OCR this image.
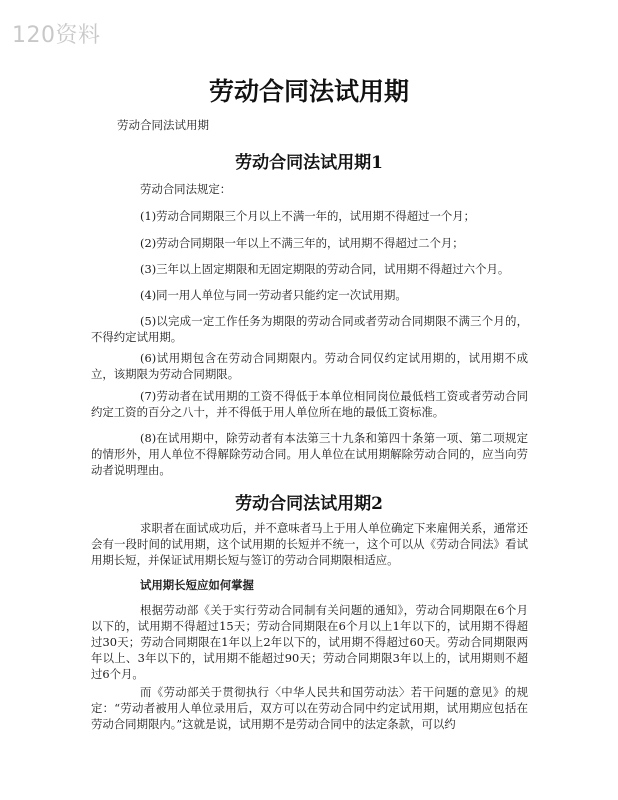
120资料
劳动合同法试用期
劳动合同法试用期
劳动合同法试用期1

劳动合同法规定：

(1)劳动合同期限三个月以上不满一年的，试用期不得超过一个月；

(2)劳动合同期限一年以上不满三年的，试用期不得超过二个月；

(3)三年以上固定期限和无固定期限的劳动合同，试用期不得超过六个月。

(4)同一用人单位与同一劳动者只能约定一次试用期。

(5)以完成一定工作任务为期限的劳动合同或者劳动合同期限不满三个月的，不得约定试用期。

(6)试用期包含在劳动合同期限内。劳动合同仅约定试用期的，试用期不成立，该期限为劳动合同期限。

(7)劳动者在试用期的工资不得低于本单位相同岗位最低档工资或者劳动合同约定工资的百分之八十，并不得低于用人单位所在地的最低工资标准。

(8)在试用期中，除劳动者有本法第三十九条和第四十条第一项、第二项规定的情形外，用人单位不得解除劳动合同。用人单位在试用期解除劳动合同的，应当向劳动者说明理由。

劳动合同法试用期2

求职者在面试成功后，并不意味者马上于用人单位确定下来雇佣关系，通常还会有一段时间的试用期，这个试用期的长短并不统一，这个可以从《劳动合同法》看试用期长短，并保证试用期长短与签订的劳动合同期限相适应。

试用期长短应如何掌握

根据劳动部《关于实行劳动合同制有关问题的通知》，劳动合同期限在6个月以下的，试用期不得超过15天；劳动合同期限在6个月以上1年以下的，试用期不得超过30天；劳动合同期限在1年以上2年以下的，试用期不得超过60天。劳动合同期限两年以上、3年以下的，试用期不能超过90天；劳动合同期限3年以上的，试用期则不超过6个月。

而《劳动部关于贯彻执行〈中华人民共和国劳动法〉若干问题的意见》的规定：“劳动者被用人单位录用后，双方可以在劳动合同中约定试用期，试用期应包括在劳动合同期限内。”这就是说，试用期不是劳动合同中的法定条款，可以约
